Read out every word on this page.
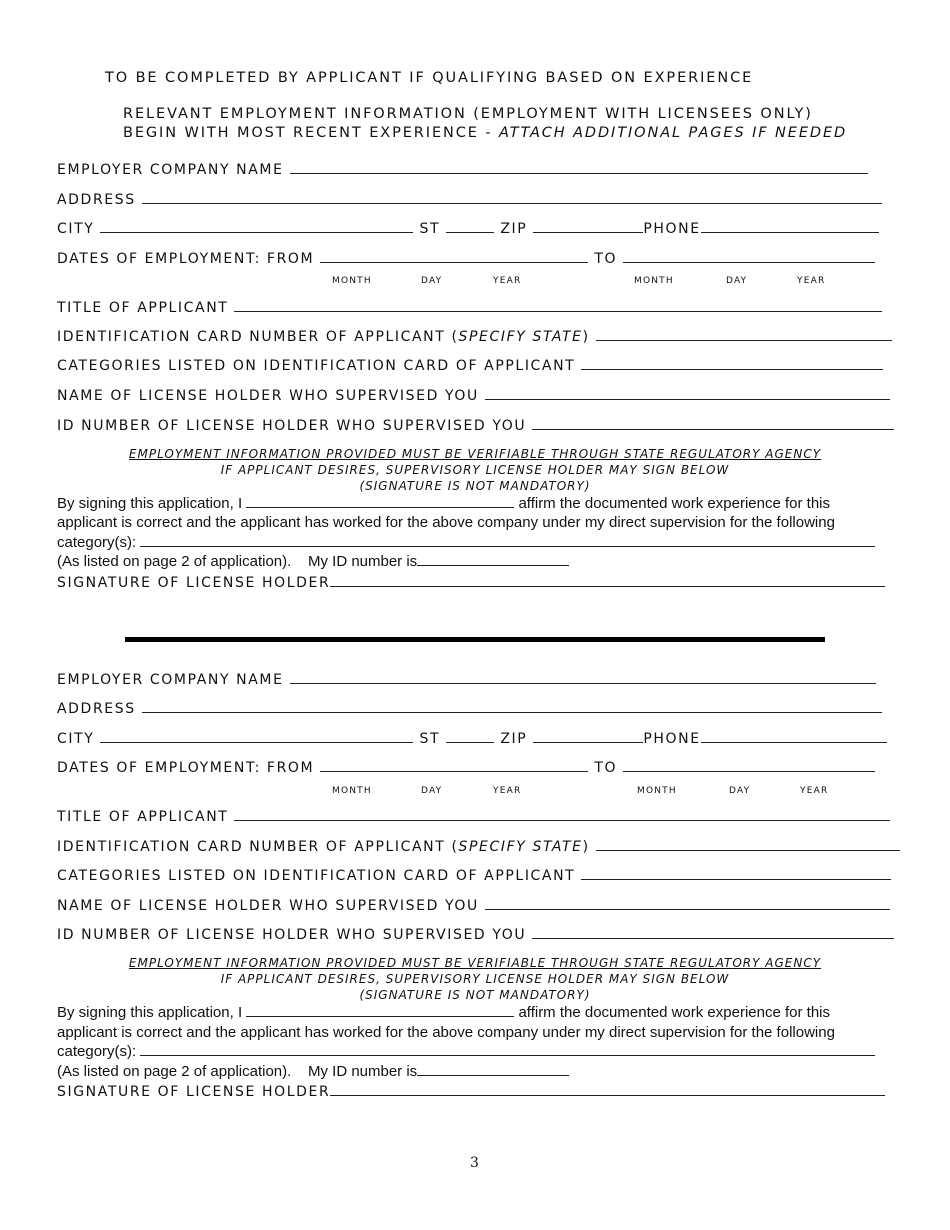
TO BE COMPLETED BY APPLICANT IF QUALIFYING BASED ON EXPERIENCE
RELEVANT EMPLOYMENT INFORMATION (EMPLOYMENT WITH LICENSEES ONLY)
BEGIN WITH MOST RECENT EXPERIENCE - ATTACH ADDITIONAL PAGES IF NEEDED
EMPLOYER COMPANY NAME
ADDRESS
CITY	ST	ZIP	PHONE
DATES OF EMPLOYMENT: FROM	TO
MONTH	DAY	YEAR	MONTH	DAY	YEAR
TITLE OF APPLICANT
IDENTIFICATION CARD NUMBER OF APPLICANT (SPECIFY STATE)
CATEGORIES LISTED ON IDENTIFICATION CARD OF APPLICANT
NAME OF LICENSE HOLDER WHO SUPERVISED YOU
ID NUMBER OF LICENSE HOLDER WHO SUPERVISED YOU
EMPLOYMENT INFORMATION PROVIDED MUST BE VERIFIABLE THROUGH STATE REGULATORY AGENCY
IF APPLICANT DESIRES, SUPERVISORY LICENSE HOLDER MAY SIGN BELOW
(SIGNATURE IS NOT MANDATORY)
By signing this application, I	affirm the documented work experience for this
applicant is correct and the applicant has worked for the above company under my direct supervision for the following
category(s):
(As listed on page 2 of application). My ID number is
SIGNATURE OF LICENSE HOLDER
EMPLOYER COMPANY NAME
ADDRESS
CITY	ST	ZIP	PHONE
DATES OF EMPLOYMENT: FROM	TO
MONTH	DAY	YEAR	MONTH	DAY	YEAR
TITLE OF APPLICANT
IDENTIFICATION CARD NUMBER OF APPLICANT (SPECIFY STATE)
CATEGORIES LISTED ON IDENTIFICATION CARD OF APPLICANT
NAME OF LICENSE HOLDER WHO SUPERVISED YOU
ID NUMBER OF LICENSE HOLDER WHO SUPERVISED YOU
EMPLOYMENT INFORMATION PROVIDED MUST BE VERIFIABLE THROUGH STATE REGULATORY AGENCY
IF APPLICANT DESIRES, SUPERVISORY LICENSE HOLDER MAY SIGN BELOW
(SIGNATURE IS NOT MANDATORY)
By signing this application, I	affirm the documented work experience for this
applicant is correct and the applicant has worked for the above company under my direct supervision for the following
category(s):
(As listed on page 2 of application). My ID number is
SIGNATURE OF LICENSE HOLDER
3
